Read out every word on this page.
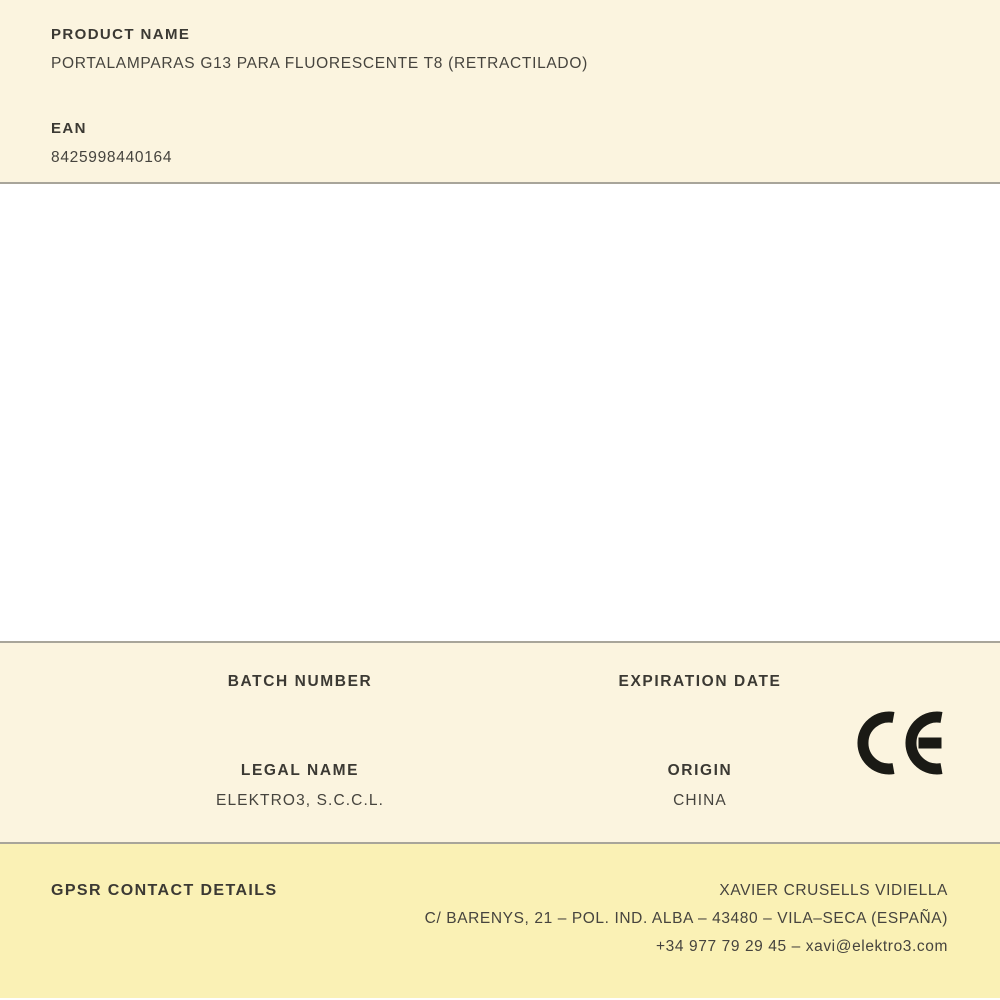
PRODUCT NAME
PORTALAMPARAS G13 PARA FLUORESCENTE T8 (RETRACTILADO)
EAN
8425998440164
BATCH NUMBER	EXPIRATION DATE
LEGAL NAME
ELEKTRO3, S.C.C.L.
ORIGIN
CHINA
GPSR CONTACT DETAILS	XAVIER CRUSELLS VIDIELLA
C/ BARENYS, 21 – POL. IND. ALBA – 43480 – VILA–SECA (ESPAÑA)
+34 977 79 29 45 – xavi@elektro3.com
